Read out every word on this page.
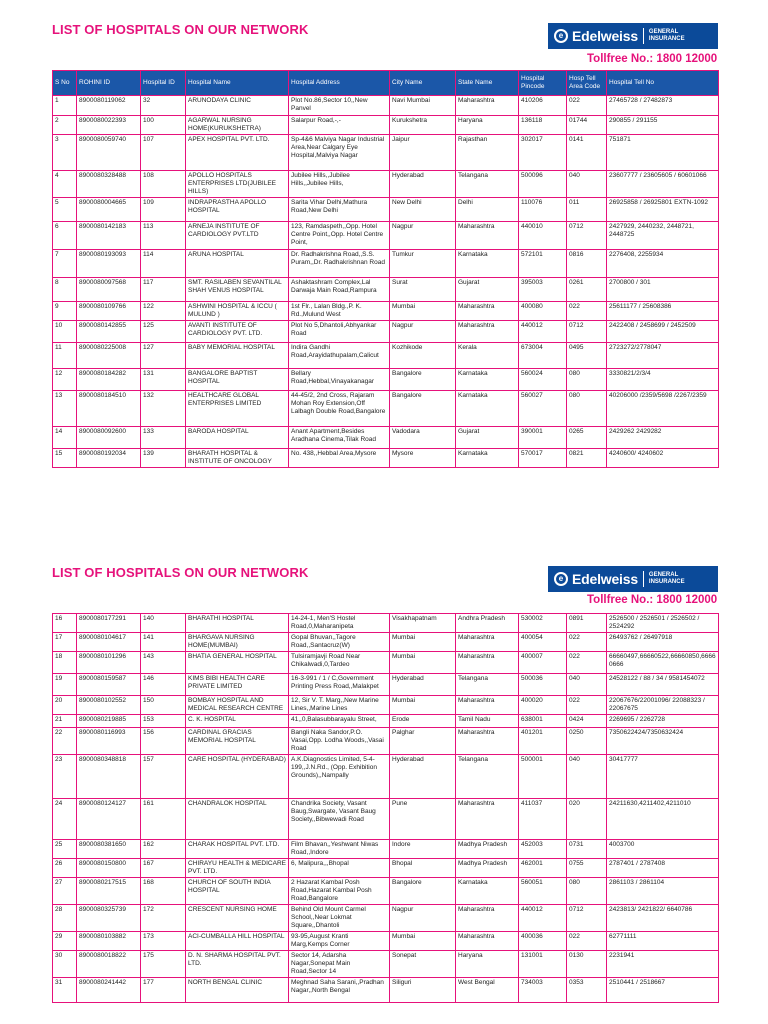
LIST OF HOSPITALS ON OUR NETWORK	e Edelweiss GENERAL
INSURANCE
Tollfree No.: 1800 12000
S No	ROHINI ID	Hospital ID	Hospital Name	Hospital Address	City Name	State Name	Hospital Pincode	Hosp Tell Area Code	Hospital Tell No
1	8900080119062	32	ARUNODAYA CLINIC	Plot No.86,Sector 10,,New Panvel	Navi Mumbai	Maharashtra	410206	022	27465728 / 27482873
2	8900080022393	100	AGARWAL NURSING HOME(KURUKSHETRA)	Salarpur Road,-,-	Kurukshetra	Haryana	136118	01744	290855 / 291155
3	8900080059740	107	APEX HOSPITAL PVT. LTD.	Sp-4&6 Malviya Nagar Industrial Area,Near Calgary Eye Hospital,Malviya Nagar	Jaipur	Rajasthan	302017	0141	751871
4	8900080328488	108	APOLLO HOSPITALS ENTERPRISES LTD(JUBILEE HILLS)	Jubilee Hills,,Jubilee Hills,,Jubilee Hills,	Hyderabad	Telangana	500096	040	23607777 / 23605605 / 60601066
5	8900080004665	109	INDRAPRASTHA APOLLO HOSPITAL	Sarita Vihar Delhi,Mathura Road,New Delhi	New Delhi	Delhi	110076	011	26925858 / 26925801 EXTN-1092
6	8900080142183	113	ARNEJA INSTITUTE OF CARDIOLOGY PVT.LTD	123, Ramdaspeth,,Opp. Hotel Centre Point,,Opp. Hotel Centre Point,	Nagpur	Maharashtra	440010	0712	2427929, 2440232, 2448721, 2448725
7	8900080193093	114	ARUNA HOSPITAL	Dr. Radhakrishna Road,,S.S. Puram,,Dr. Radhakrishnan Road	Tumkur	Karnataka	572101	0816	2276408, 2255934
8	8900080097568	117	SMT. RASILABEN SEVANTILAL SHAH VENUS HOSPITAL	Ashaktashram Complex,Lal Darwaja Main Road,Rampura	Surat	Gujarat	395003	0261	2700800 / 301
9	8900080109766	122	ASHWINI HOSPITAL & ICCU ( MULUND )	1st Flr., Lalan Bldg.,P. K. Rd.,Mulund West	Mumbai	Maharashtra	400080	022	25611177 / 25608386
10	8900080142855	125	AVANTI INSTITUTE OF CARDIOLOGY PVT. LTD.	Plot No 5,Dhantoli,Abhyankar Road	Nagpur	Maharashtra	440012	0712	2422408 / 2458699 / 2452509
11	8900080225008	127	BABY MEMORIAL HOSPITAL	Indira Gandhi Road,Arayidathupalam,Calicut	Kozhikode	Kerala	673004	0495	2723272/2778047
12	8900080184282	131	BANGALORE BAPTIST HOSPITAL	Bellary Road,Hebbal,Vinayakanagar	Bangalore	Karnataka	560024	080	3330821/2/3/4
13	8900080184510	132	HEALTHCARE GLOBAL ENTERPRISES LIMITED	44-45/2, 2nd Cross, Rajaram Mohan Roy Extension,Off Lalbagh Double Road,Bangalore	Bangalore	Karnataka	560027	080	40206000 /2359/5698 /2267/2359
14	8900080092600	133	BARODA HOSPITAL	Anant Apartment,Besides Aradhana Cinema,Tilak Road	Vadodara	Gujarat	390001	0265	2429262 2429282
15	8900080192034	139	BHARATH HOSPITAL & INSTITUTE OF ONCOLOGY	No. 438,,Hebbal Area,Mysore	Mysore	Karnataka	570017	0821	4240600/ 4240602
LIST OF HOSPITALS ON OUR NETWORK	e Edelweiss GENERAL
INSURANCE
Tollfree No.: 1800 12000
16	8900080177291	140	BHARATHI HOSPITAL	14-24-1, Men'S Hostel Road,0,Maharanipeta	Visakhapatnam	Andhra Pradesh	530002	0891	2526500 / 2526501 / 2526502 / 2524292
17	8900080104617	141	BHARGAVA NURSING HOME(MUMBAI)	Gopal Bhuvan,,Tagore Road,,Santacruz(W)	Mumbai	Maharashtra	400054	022	26493762 / 26497918
18	8900080101296	143	BHATIA GENERAL HOSPITAL	Tulsiramjavji Road Near Chikalwadi,0,Tardeo	Mumbai	Maharashtra	400007	022	66660497,66660522,66660850,66660666
19	8900080159587	146	KIMS BIBI HEALTH CARE PRIVATE LIMITED	16-3-991 / 1 / C,Government Printing Press Road,,Malakpet	Hyderabad	Telangana	500036	040	24528122 / 88 / 34 / 9581454072
20	8900080102552	150	BOMBAY HOSPITAL AND MEDICAL RESEARCH CENTRE	12, Sir V. T. Marg,,New Marine Lines,,Marine Lines	Mumbai	Maharashtra	400020	022	22067676/22001096/ 22088323 / 22067675
21	8900080219885	153	C. K. HOSPITAL	41,,0,Balasubbarayalu Street,	Erode	Tamil Nadu	638001	0424	2269695 / 2262728
22	8900080116993	156	CARDINAL GRACIAS MEMORIAL HOSPITAL	Bangli Naka Sandor,P.O. Vasai,Opp. Lodha Woods,,Vasai Road	Palghar	Maharashtra	401201	0250	7350622424/7350632424
23	8900080348818	157	CARE HOSPITAL (HYDERABAD)	A.K.Diagnostics Limited, 5-4-199,,J.N.Rd., (Opp. Exhibition Grounds),,Nampally	Hyderabad	Telangana	500001	040	30417777
24	8900080124127	161	CHANDRALOK HOSPITAL	Chandrika Society, Vasant Baug,Swargate, Vasant Baug Society,,Bibwewadi Road	Pune	Maharashtra	411037	020	24211630,4211402,4211010
25	8900080381650	162	CHARAK HOSPITAL PVT. LTD.	Film Bhavan,,Yeshwant Niwas Road,,Indore	Indore	Madhya Pradesh	452003	0731	4003700
26	8900080150800	167	CHIRAYU HEALTH & MEDICARE PVT. LTD.	6, Malipura,,,Bhopal	Bhopal	Madhya Pradesh	462001	0755	2787401 / 2787408
27	8900080217515	168	CHURCH OF SOUTH INDIA HOSPITAL	2 Hazarat Kambal Posh Road,Hazarat Kambal Posh Road,Bangalore	Bangalore	Karnataka	560051	080	2861103 / 2861104
28	8900080325739	172	CRESCENT NURSING HOME	Behind Old Mount Carmel School,,Near Lokmat Square,,Dhantoli	Nagpur	Maharashtra	440012	0712	2423813/ 2421822/ 6640786
29	8900080103882	173	ACI-CUMBALLA HILL HOSPITAL	93-95,August Kranti Marg,Kemps Corner	Mumbai	Maharashtra	400036	022	62771111
30	8900080018822	175	D. N. SHARMA HOSPITAL PVT. LTD.	Sector 14, Adarsha Nagar,Sonepat Main Road,Sector 14	Sonepat	Haryana	131001	0130	2231941
31	8900080241442	177	NORTH BENGAL CLINIC	Meghnad Saha Sarani,,Pradhan Nagar,,North Bengal	Siliguri	West Bengal	734003	0353	2510441 / 2518667
